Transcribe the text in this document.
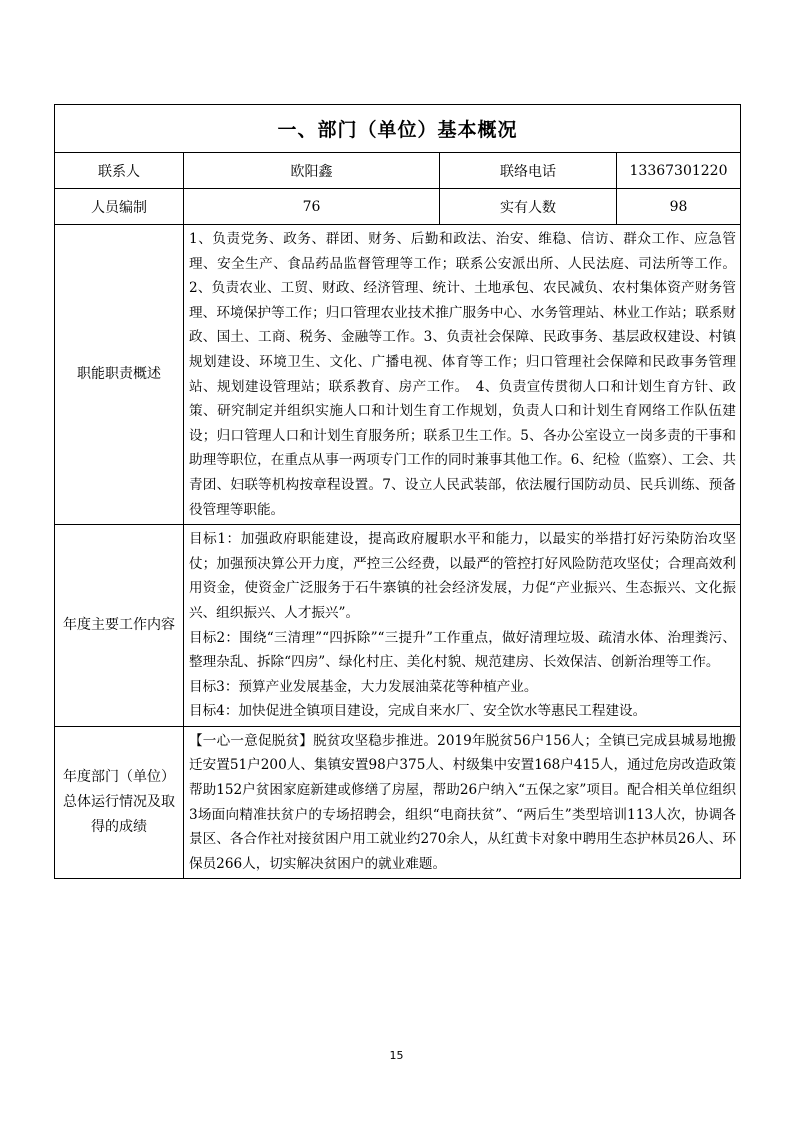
一、部门（单位）基本概况			
联系人	欧阳鑫	联络电话	13367301220
人员编制	76	实有人数	98
职能职责概述	1、负责党务、政务、群团、财务、后勤和政法、治安、维稳、信访、群众工作、应急管理、安全生产、食品药品监督管理等工作；联系公安派出所、人民法庭、司法所等工作。2、负责农业、工贸、财政、经济管理、统计、土地承包、农民减负、农村集体资产财务管理、环境保护等工作；归口管理农业技术推广服务中心、水务管理站、林业工作站；联系财政、国土、工商、税务、金融等工作。3、负责社会保障、民政事务、基层政权建设、村镇规划建设、环境卫生、文化、广播电视、体育等工作；归口管理社会保障和民政事务管理站、规划建设管理站；联系教育、房产工作。　4、负责宣传贯彻人口和计划生育方针、政策、研究制定并组织实施人口和计划生育工作规划，负责人口和计划生育网络工作队伍建设；归口管理人口和计划生育服务所；联系卫生工作。5、各办公室设立一岗多责的干事和助理等职位，在重点从事一两项专门工作的同时兼事其他工作。6、纪检（监察）、工会、共青团、妇联等机构按章程设置。7、设立人民武装部，依法履行国防动员、民兵训练、预备役管理等职能。		
年度主要工作内容	目标1：加强政府职能建设，提高政府履职水平和能力，以最实的举措打好污染防治攻坚仗；加强预决算公开力度，严控三公经费，以最严的管控打好风险防范攻坚仗；合理高效利用资金，使资金广泛服务于石牛寨镇的社会经济发展，力促“产业振兴、生态振兴、文化振兴、组织振兴、人才振兴”。

目标2：围绕“三清理”“四拆除”“三提升”工作重点，做好清理垃圾、疏清水体、治理粪污、整理杂乱、拆除“四房”、绿化村庄、美化村貌、规范建房、长效保洁、创新治理等工作。

目标3：预算产业发展基金，大力发展油菜花等种植产业。

目标4：加快促进全镇项目建设，完成自来水厂、安全饮水等惠民工程建设。		

年度部门（单位）总体运行情况及取得的成绩	【一心一意促脱贫】脱贫攻坚稳步推进。2019年脱贫56户156人；全镇已完成县城易地搬迁安置51户200人、集镇安置98户375人、村级集中安置168户415人，通过危房改造政策帮助152户贫困家庭新建或修缮了房屋，帮助26户纳入“五保之家”项目。配合相关单位组织3场面向精准扶贫户的专场招聘会，组织“电商扶贫”、“两后生”类型培训113人次，协调各景区、各合作社对接贫困户用工就业约270余人，从红黄卡对象中聘用生态护林员26人、环保员266人，切实解决贫困户的就业难题。		
15
